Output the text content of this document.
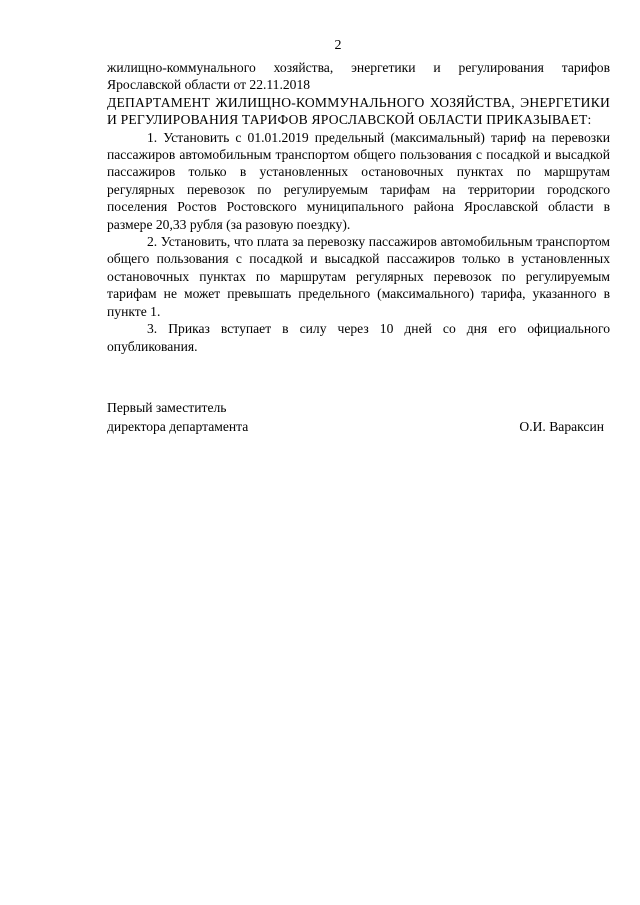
2

жилищно-коммунального хозяйства, энергетики и регулирования тарифов Ярославской области от 22.11.2018

ДЕПАРТАМЕНТ ЖИЛИЩНО-КОММУНАЛЬНОГО ХОЗЯЙСТВА, ЭНЕРГЕТИКИ И РЕГУЛИРОВАНИЯ ТАРИФОВ ЯРОСЛАВСКОЙ ОБЛАСТИ ПРИКАЗЫВАЕТ:

1. Установить с 01.01.2019 предельный (максимальный) тариф на перевозки пассажиров автомобильным транспортом общего пользования с посадкой и высадкой пассажиров только в установленных остановочных пунктах по маршрутам регулярных перевозок по регулируемым тарифам на территории городского поселения Ростов Ростовского муниципального района Ярославской области в размере 20,33 рубля (за разовую поездку).

2. Установить, что плата за перевозку пассажиров автомобильным транспортом общего пользования с посадкой и высадкой пассажиров только в установленных остановочных пунктах по маршрутам регулярных перевозок по регулируемым тарифам не может превышать предельного (максимального) тарифа, указанного в пункте 1.

3. Приказ вступает в силу через 10 дней со дня его официального опубликования.

Первый заместитель
директора департамента	О.И. Вараксин
